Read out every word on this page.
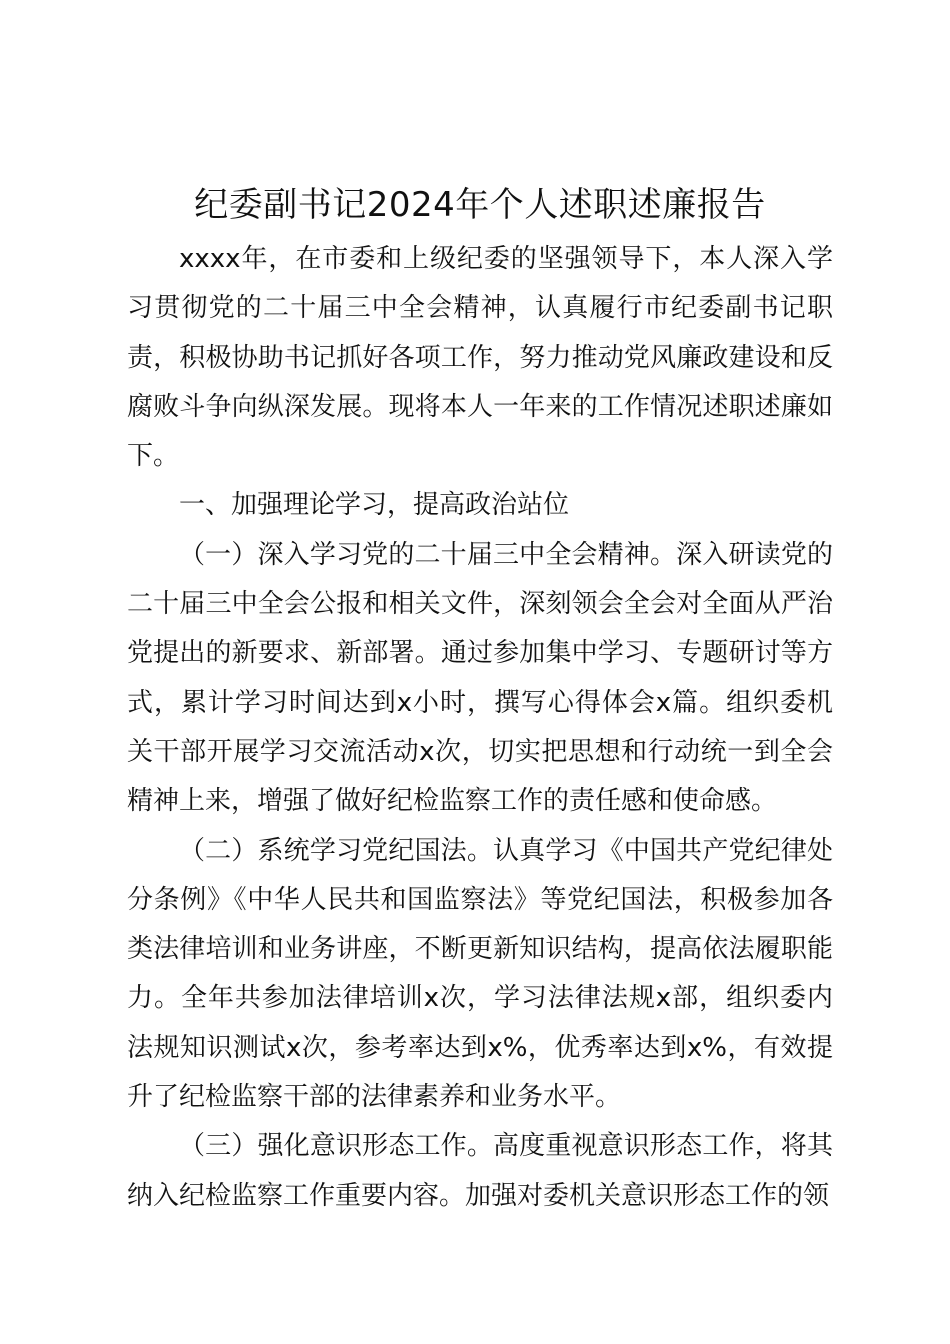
纪委副书记2024年个人述职述廉报告

xxxx年，在市委和上级纪委的坚强领导下，本人深入学习贯彻党的二十届三中全会精神，认真履行市纪委副书记职责，积极协助书记抓好各项工作，努力推动党风廉政建设和反腐败斗争向纵深发展。现将本人一年来的工作情况述职述廉如下。

一、加强理论学习，提高政治站位

（一）深入学习党的二十届三中全会精神。深入研读党的二十届三中全会公报和相关文件，深刻领会全会对全面从严治党提出的新要求、新部署。通过参加集中学习、专题研讨等方式，累计学习时间达到x小时，撰写心得体会x篇。组织委机关干部开展学习交流活动x次，切实把思想和行动统一到全会精神上来，增强了做好纪检监察工作的责任感和使命感。

（二）系统学习党纪国法。认真学习《中国共产党纪律处分条例》《中华人民共和国监察法》等党纪国法，积极参加各类法律培训和业务讲座，不断更新知识结构，提高依法履职能力。全年共参加法律培训x次，学习法律法规x部，组织委内法规知识测试x次，参考率达到x%，优秀率达到x%，有效提升了纪检监察干部的法律素养和业务水平。

（三）强化意识形态工作。高度重视意识形态工作，将其纳入纪检监察工作重要内容。加强对委机关意识形态工作的领
